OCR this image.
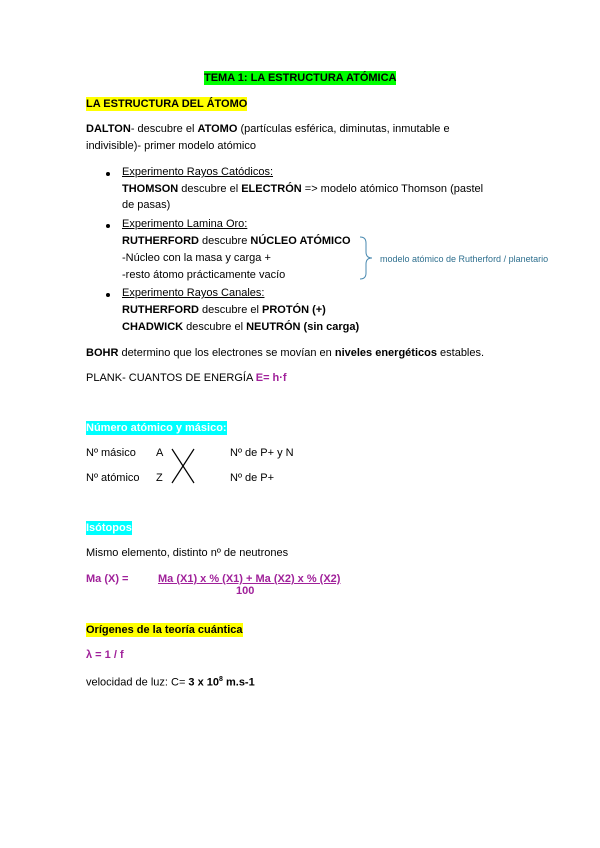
TEMA 1: LA ESTRUCTURA ATÓMICA
LA ESTRUCTURA DEL ÁTOMO
DALTON- descubre el ATOMO (partículas esférica, diminutas, inmutable e
indivisible)- primer modelo atómico
Experimento Rayos Catódicos:
THOMSON descubre el ELECTRÓN => modelo atómico Thomson (pastel
de pasas)
Experimento Lamina Oro:
RUTHERFORD descubre NÚCLEO ATÓMICO
-Núcleo con la masa y carga +
-resto átomo prácticamente vacío
modelo atómico de Rutherford / planetario
Experimento Rayos Canales:
RUTHERFORD descubre el PROTÓN (+)
CHADWICK descubre el NEUTRÓN (sin carga)
BOHR determino que los electrones se movían en niveles energéticos estables.
PLANK- CUANTOS DE ENERGÍA E= h·f
Número atómico y másico:
Nº másico A	Nº de P+ y N
Nº atómico Z	Nº de P+
Isótopos
Mismo elemento, distinto nº de neutrones
Ma (X) =	Ma (X1) x % (X1) + Ma (X2) x % (X2)
100
Orígenes de la teoría cuántica
λ = 1 / f
velocidad de luz: C= 3 x $10^8$ m.s-1
